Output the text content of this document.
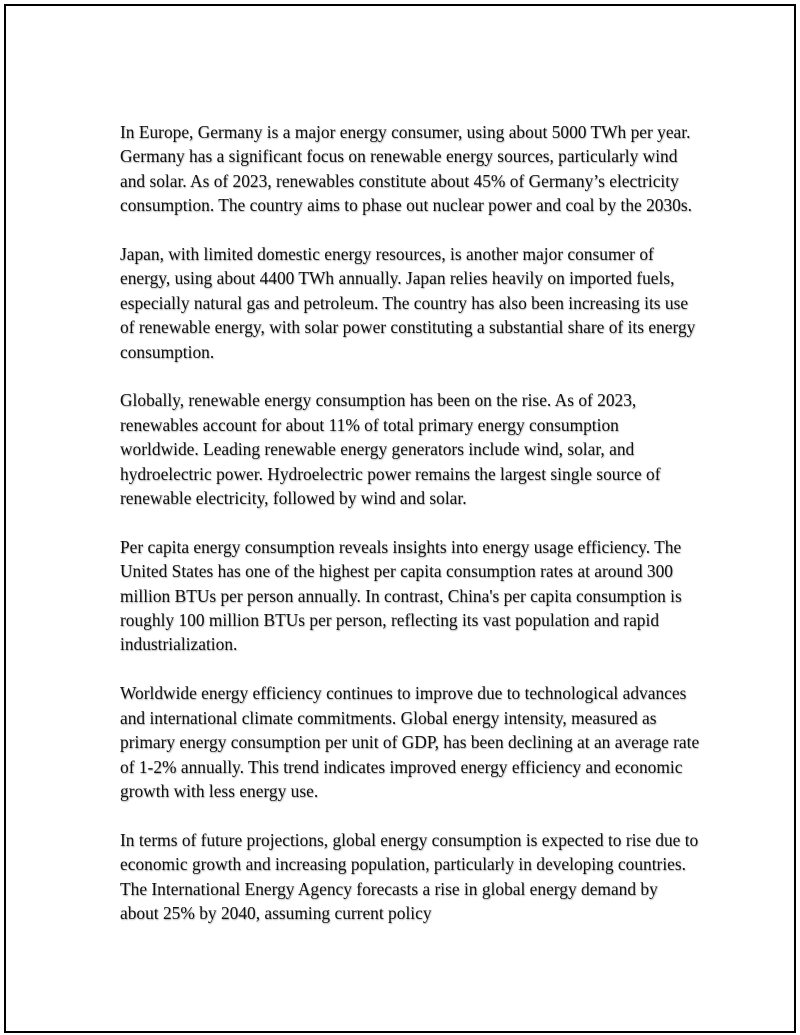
In Europe, Germany is a major energy consumer, using about 5000 TWh per year. Germany has a significant focus on renewable energy sources, particularly wind and solar. As of 2023, renewables constitute about 45% of Germany’s electricity consumption. The country aims to phase out nuclear power and coal by the 2030s.

Japan, with limited domestic energy resources, is another major consumer of energy, using about 4400 TWh annually. Japan relies heavily on imported fuels, especially natural gas and petroleum. The country has also been increasing its use of renewable energy, with solar power constituting a substantial share of its energy consumption.

Globally, renewable energy consumption has been on the rise. As of 2023, renewables account for about 11% of total primary energy consumption worldwide. Leading renewable energy generators include wind, solar, and hydroelectric power. Hydroelectric power remains the largest single source of renewable electricity, followed by wind and solar.

Per capita energy consumption reveals insights into energy usage efficiency. The United States has one of the highest per capita consumption rates at around 300 million BTUs per person annually. In contrast, China's per capita consumption is roughly 100 million BTUs per person, reflecting its vast population and rapid industrialization.

Worldwide energy efficiency continues to improve due to technological advances and international climate commitments. Global energy intensity, measured as primary energy consumption per unit of GDP, has been declining at an average rate of 1-2% annually. This trend indicates improved energy efficiency and economic growth with less energy use.

In terms of future projections, global energy consumption is expected to rise due to economic growth and increasing population, particularly in developing countries. The International Energy Agency forecasts a rise in global energy demand by about 25% by 2040, assuming current policy
